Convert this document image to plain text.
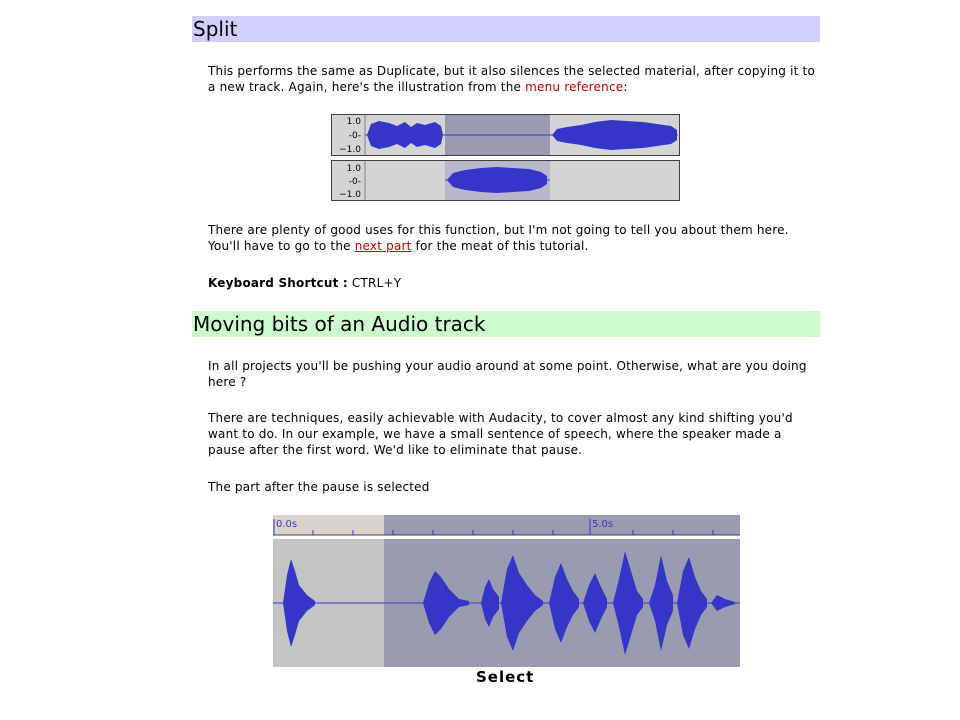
Split

This performs the same as Duplicate, but it also silences the selected material, after copying it to a new track. Again, here's the illustration from the menu reference:

1.0
-0-
−1.0
1.0
-0-
−1.0

There are plenty of good uses for this function, but I'm not going to tell you about them here. You'll have to go to the next part for the meat of this tutorial.

Keyboard Shortcut : CTRL+Y

Moving bits of an Audio track

In all projects you'll be pushing your audio around at some point. Otherwise, what are you doing here ?

There are techniques, easily achievable with Audacity, to cover almost any kind shifting you'd want to do. In our example, we have a small sentence of speech, where the speaker made a pause after the first word. We'd like to eliminate that pause.

The part after the pause is selected

0.0s	5.0s
Select
